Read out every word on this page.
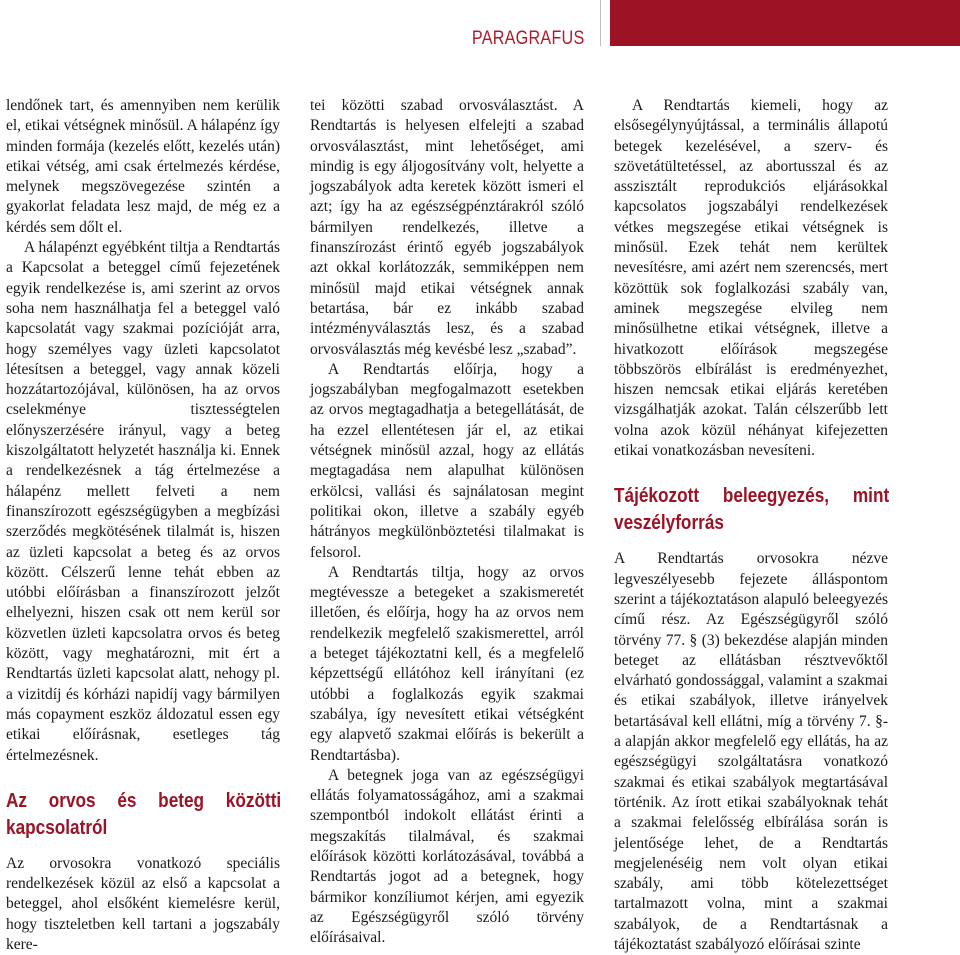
PARAGRAFUS

lendőnek tart, és amennyiben nem kerülik el, etikai vétségnek minősül. A hálapénz így minden formája (kezelés előtt, kezelés után) etikai vétség, ami csak értelmezés kérdése, melynek megszövegezése szintén a gyakorlat feladata lesz majd, de még ez a kérdés sem dőlt el.

A hálapénzt egyébként tiltja a Rendtartás a Kapcsolat a beteggel című fejezetének egyik rendelkezése is, ami szerint az orvos soha nem használhatja fel a beteggel való kapcsolatát vagy szakmai pozícióját arra, hogy személyes vagy üzleti kapcsolatot létesítsen a beteggel, vagy annak közeli hozzátartozójával, különösen, ha az orvos cselekménye tisztességtelen előnyszerzésére irányul, vagy a beteg kiszolgáltatott helyzetét használja ki. Ennek a rendelkezésnek a tág értelmezése a hálapénz mellett felveti a nem finanszírozott egészségügyben a megbízási szerződés megkötésének tilalmát is, hiszen az üzleti kapcsolat a beteg és az orvos között. Célszerű lenne tehát ebben az utóbbi előírásban a finanszírozott jelzőt elhelyezni, hiszen csak ott nem kerül sor közvetlen üzleti kapcsolatra orvos és beteg között, vagy meghatározni, mit ért a Rendtartás üzleti kapcsolat alatt, nehogy pl. a vizitdíj és kórházi napidíj vagy bármilyen más copayment eszköz áldozatul essen egy etikai előírásnak, esetleges tág értelmezésnek.

Az orvos és beteg közötti kapcsolatról

Az orvosokra vonatkozó speciális rendelkezések közül az első a kapcsolat a beteggel, ahol elsőként kiemelésre kerül, hogy tiszteletben kell tartani a jogszabály kere-

tei közötti szabad orvosválasztást. A Rendtartás is helyesen elfelejti a szabad orvosválasztást, mint lehetőséget, ami mindig is egy áljogosítvány volt, helyette a jogszabályok adta keretek között ismeri el azt; így ha az egészségpénztárakról szóló bármilyen rendelkezés, illetve a finanszírozást érintő egyéb jogszabályok azt okkal korlátozzák, semmiképpen nem minősül majd etikai vétségnek annak betartása, bár ez inkább szabad intézményválasztás lesz, és a szabad orvosválasztás még kevésbé lesz „szabad”.

A Rendtartás előírja, hogy a jogszabályban megfogalmazott esetekben az orvos megtagadhatja a betegellátását, de ha ezzel ellentétesen jár el, az etikai vétségnek minősül azzal, hogy az ellátás megtagadása nem alapulhat különösen erkölcsi, vallási és sajnálatosan megint politikai okon, illetve a szabály egyéb hátrányos megkülönböztetési tilalmakat is felsorol.

A Rendtartás tiltja, hogy az orvos megtévessze a betegeket a szakismeretét illetően, és előírja, hogy ha az orvos nem rendelkezik megfelelő szakismerettel, arról a beteget tájékoztatni kell, és a megfelelő képzettségű ellátóhoz kell irányítani (ez utóbbi a foglalkozás egyik szakmai szabálya, így nevesített etikai vétségként egy alapvető szakmai előírás is bekerült a Rendtartásba).

A betegnek joga van az egészségügyi ellátás folyamatosságához, ami a szakmai szempontból indokolt ellátást érinti a megszakítás tilalmával, és szakmai előírások közötti korlátozásával, továbbá a Rendtartás jogot ad a betegnek, hogy bármikor konzíliumot kérjen, ami egyezik az Egészségügyről szóló törvény előírásaival.

A Rendtartás kiemeli, hogy az elsősegélynyújtással, a terminális állapotú betegek kezelésével, a szerv- és szövetátültetéssel, az abortusszal és az asszisztált reprodukciós eljárásokkal kapcsolatos jogszabályi rendelkezések vétkes megszegése etikai vétségnek is minősül. Ezek tehát nem kerültek nevesítésre, ami azért nem szerencsés, mert közöttük sok foglalkozási szabály van, aminek megszegése elvileg nem minősülhetne etikai vétségnek, illetve a hivatkozott előírások megszegése többszörös elbírálást is eredményezhet, hiszen nemcsak etikai eljárás keretében vizsgálhatják azokat. Talán célszerűbb lett volna azok közül néhányat kifejezetten etikai vonatkozásban nevesíteni.

Tájékozott beleegyezés, mint veszélyforrás

A Rendtartás orvosokra nézve legveszélyesebb fejezete álláspontom szerint a tájékoztatáson alapuló beleegyezés című rész. Az Egészségügyről szóló törvény 77. § (3) bekezdése alapján minden beteget az ellátásban résztvevőktől elvárható gondossággal, valamint a szakmai és etikai szabályok, illetve irányelvek betartásával kell ellátni, míg a törvény 7. §-a alapján akkor megfelelő egy ellátás, ha az egészségügyi szolgáltatásra vonatkozó szakmai és etikai szabályok megtartásával történik. Az írott etikai szabályoknak tehát a szakmai felelősség elbírálása során is jelentősége lehet, de a Rendtartás megjelenéséig nem volt olyan etikai szabály, ami több kötelezettséget tartalmazott volna, mint a szakmai szabályok, de a Rendtartásnak a tájékoztatást szabályozó előírásai szinte
